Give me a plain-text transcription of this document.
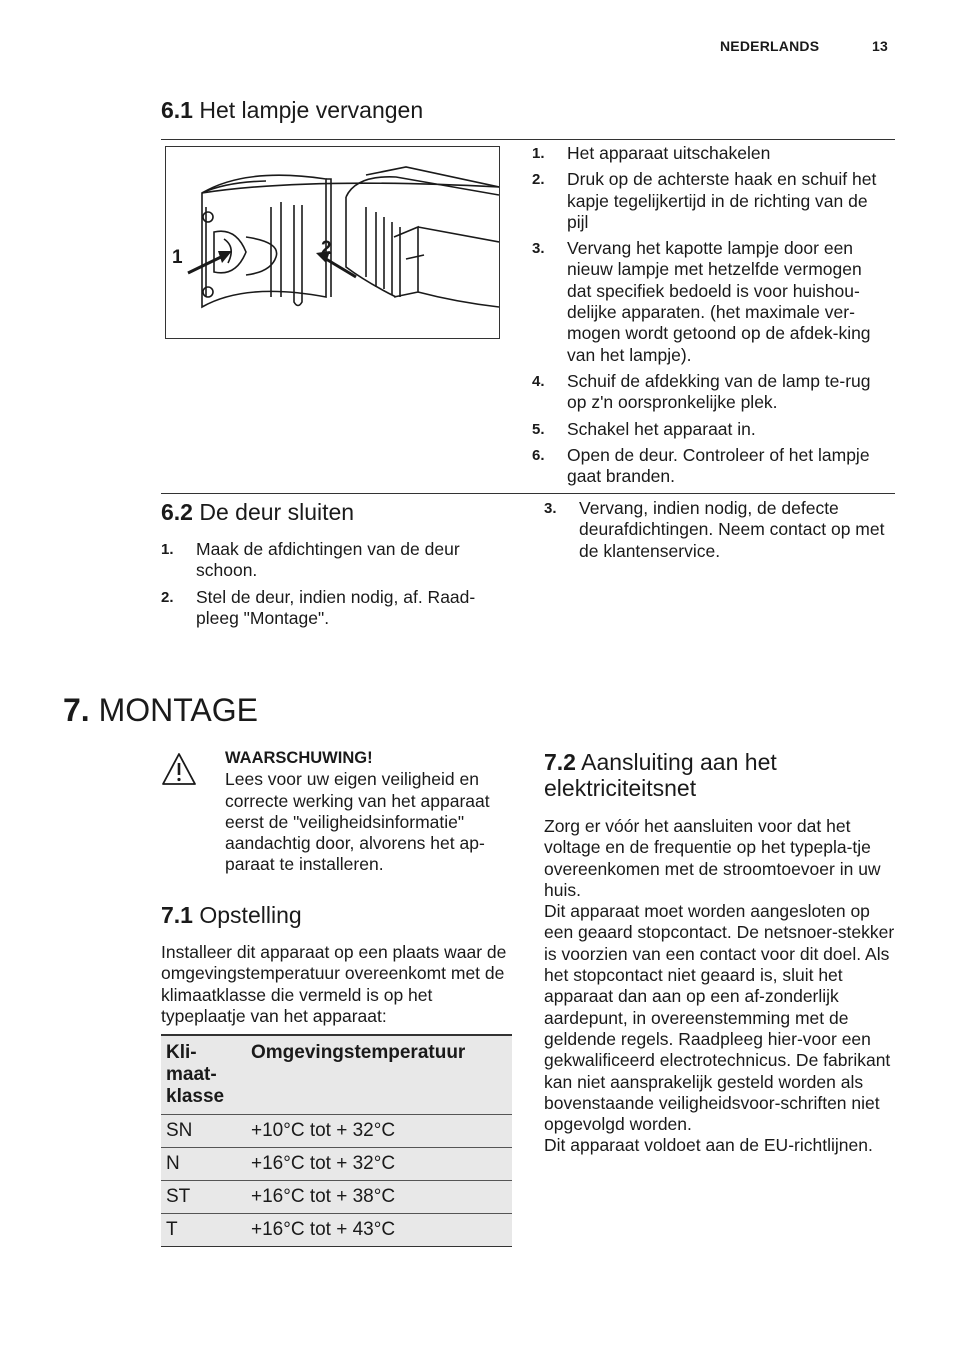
NEDERLANDS	13
6.1 Het lampje vervangen
1	2
1. Het apparaat uitschakelen
2. Druk op de achterste haak en schuif het kapje tegelijkertijd in de richting van de pijl
3. Vervang het kapotte lampje door een nieuw lampje met hetzelfde vermogen dat specifiek bedoeld is voor huishou-delijke apparaten. (het maximale ver-mogen wordt getoond op de afdek-king van het lampje).
4. Schuif de afdekking van de lamp te-rug op z'n oorspronkelijke plek.
5. Schakel het apparaat in.
6. Open de deur. Controleer of het lampje gaat branden.
6.2 De deur sluiten
1. Maak de afdichtingen van de deur schoon.
2. Stel de deur, indien nodig, af. Raad-pleeg "Montage".
3. Vervang, indien nodig, de defecte deurafdichtingen. Neem contact op met de klantenservice.
7. MONTAGE
WAARSCHUWING!
Lees voor uw eigen veiligheid en correcte werking van het apparaat eerst de "veiligheidsinformatie" aandachtig door, alvorens het ap-paraat te installeren.
7.1 Opstelling
Installeer dit apparaat op een plaats waar de omgevingstemperatuur overeenkomt met de klimaatklasse die vermeld is op het typeplaatje van het apparaat:
Kli-maat-klasse	Omgevingstemperatuur
SN	+10°C tot + 32°C
N	+16°C tot + 32°C
ST	+16°C tot + 38°C
T	+16°C tot + 43°C
7.2 Aansluiting aan het elektriciteitsnet
Zorg er vóór het aansluiten voor dat het voltage en de frequentie op het typepla-tje overeenkomen met de stroomtoevoer in uw huis.
Dit apparaat moet worden aangesloten op een geaard stopcontact. De netsnoer-stekker is voorzien van een contact voor dit doel. Als het stopcontact niet geaard is, sluit het apparaat dan aan op een af-zonderlijk aardepunt, in overeenstemming met de geldende regels. Raadpleeg hier-voor een gekwalificeerd electrotechnicus. De fabrikant kan niet aansprakelijk gesteld worden als bovenstaande veiligheidsvoor-schriften niet opgevolgd worden.
Dit apparaat voldoet aan de EU-richtlijnen.
